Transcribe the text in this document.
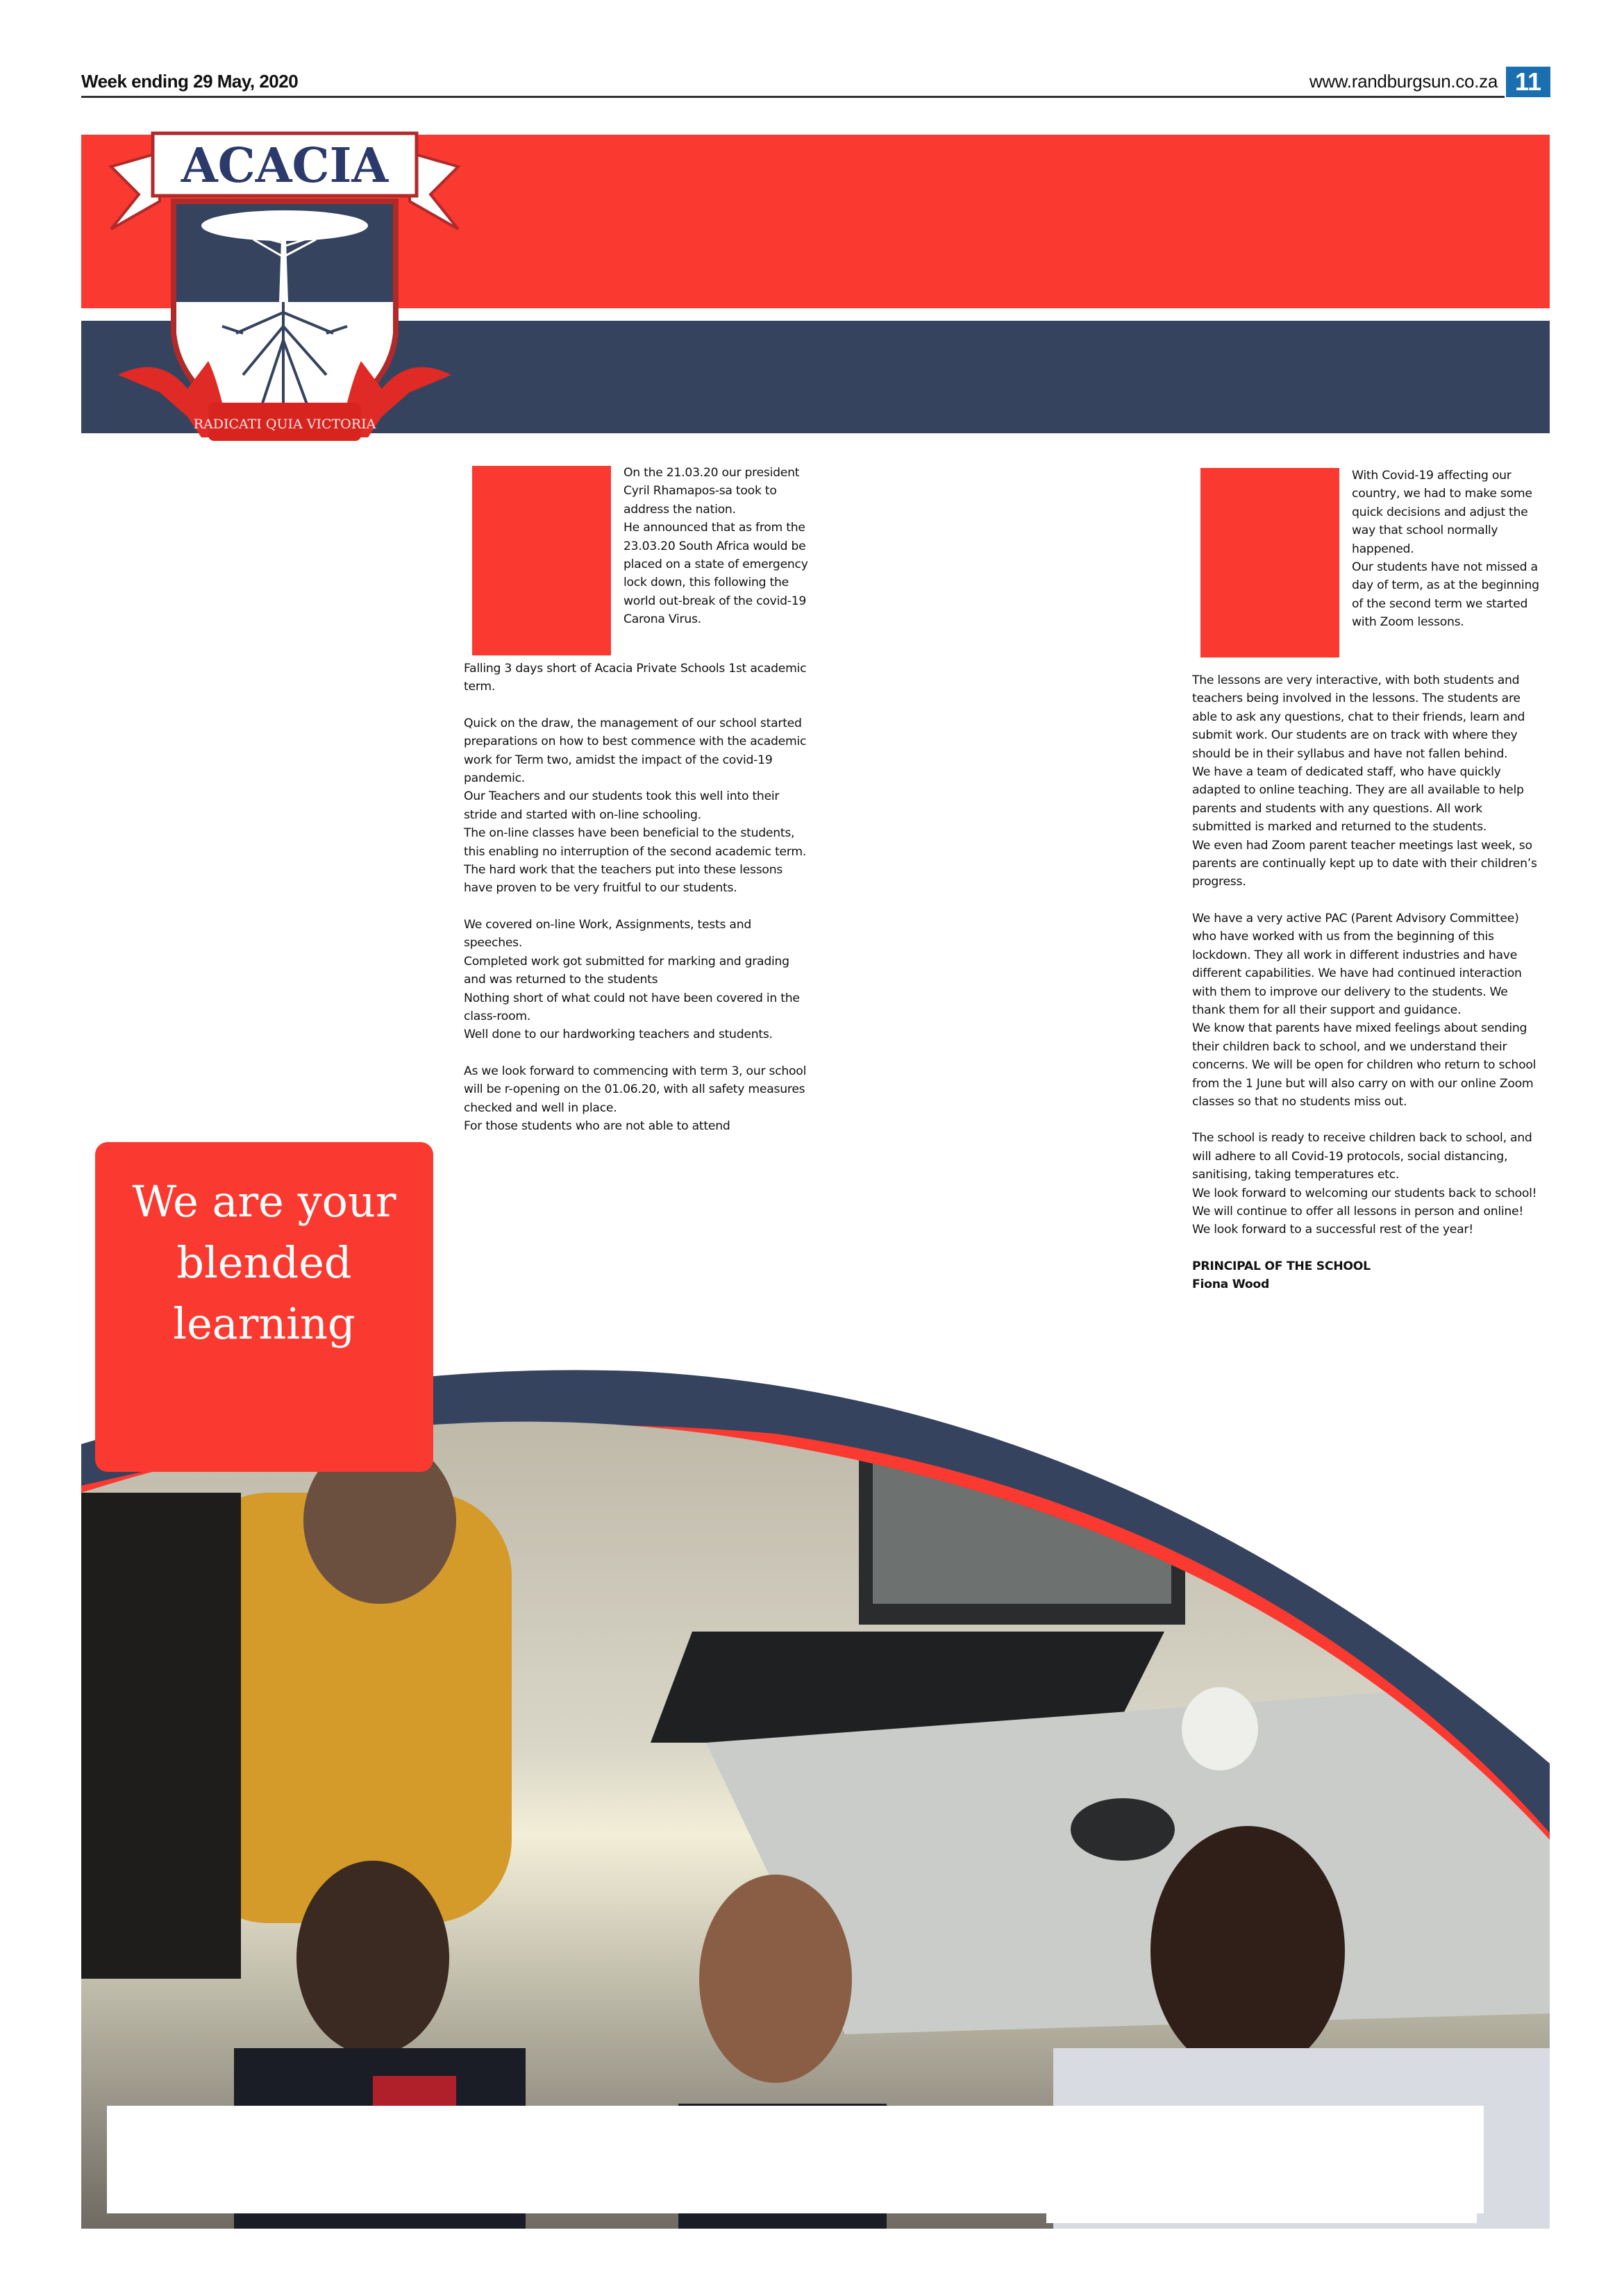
Week ending 29 May, 2020	www.randburgsun.co.za 11
ACACIA
RADICATI QUIA VICTORIA

On the 21.03.20 our president Cyril Rhamapos-sa took to address the nation.

He announced that as from the 23.03.20 South Africa would be placed on a state of emergency lock down, this following the world out-break of the covid-19 Carona Virus.

Falling 3 days short of Acacia Private Schools 1st academic term.

Quick on the draw, the management of our school started preparations on how to best commence with the academic work for Term two, amidst the impact of the covid-19 pandemic.

Our Teachers and our students took this well into their stride and started with on-line schooling.

The on-line classes have been beneficial to the students, this enabling no interruption of the second academic term.

The hard work that the teachers put into these lessons have proven to be very fruitful to our students.

We covered on-line Work, Assignments, tests and speeches.

Completed work got submitted for marking and grading and was returned to the students

Nothing short of what could not have been covered in the class-room.

Well done to our hardworking teachers and students.

As we look forward to commencing with term 3, our school will be r-opening on the 01.06.20, with all safety measures checked and well in place.

For those students who are not able to attend

With Covid-19 affecting our country, we had to make some quick decisions and adjust the way that school normally happened.

Our students have not missed a day of term, as at the beginning of the second term we started with Zoom lessons.

The lessons are very interactive, with both students and teachers being involved in the lessons. The students are able to ask any questions, chat to their friends, learn and submit work. Our students are on track with where they should be in their syllabus and have not fallen behind.

We have a team of dedicated staff, who have quickly adapted to online teaching. They are all available to help parents and students with any questions. All work submitted is marked and returned to the students.

We even had Zoom parent teacher meetings last week, so parents are continually kept up to date with their children’s progress.

We have a very active PAC (Parent Advisory Committee) who have worked with us from the beginning of this lockdown. They all work in different industries and have different capabilities. We have had continued interaction with them to improve our delivery to the students. We thank them for all their support and guidance.

We know that parents have mixed feelings about sending their children back to school, and we understand their concerns. We will be open for children who return to school from the 1 June but will also carry on with our online Zoom classes so that no students miss out.

The school is ready to receive children back to school, and will adhere to all Covid-19 protocols, social distancing, sanitising, taking temperatures etc.

We look forward to welcoming our students back to school! We will continue to offer all lessons in person and online! We look forward to a successful rest of the year!

PRINCIPAL OF THE SCHOOL

Fiona Wood

We are your
blended
learning
